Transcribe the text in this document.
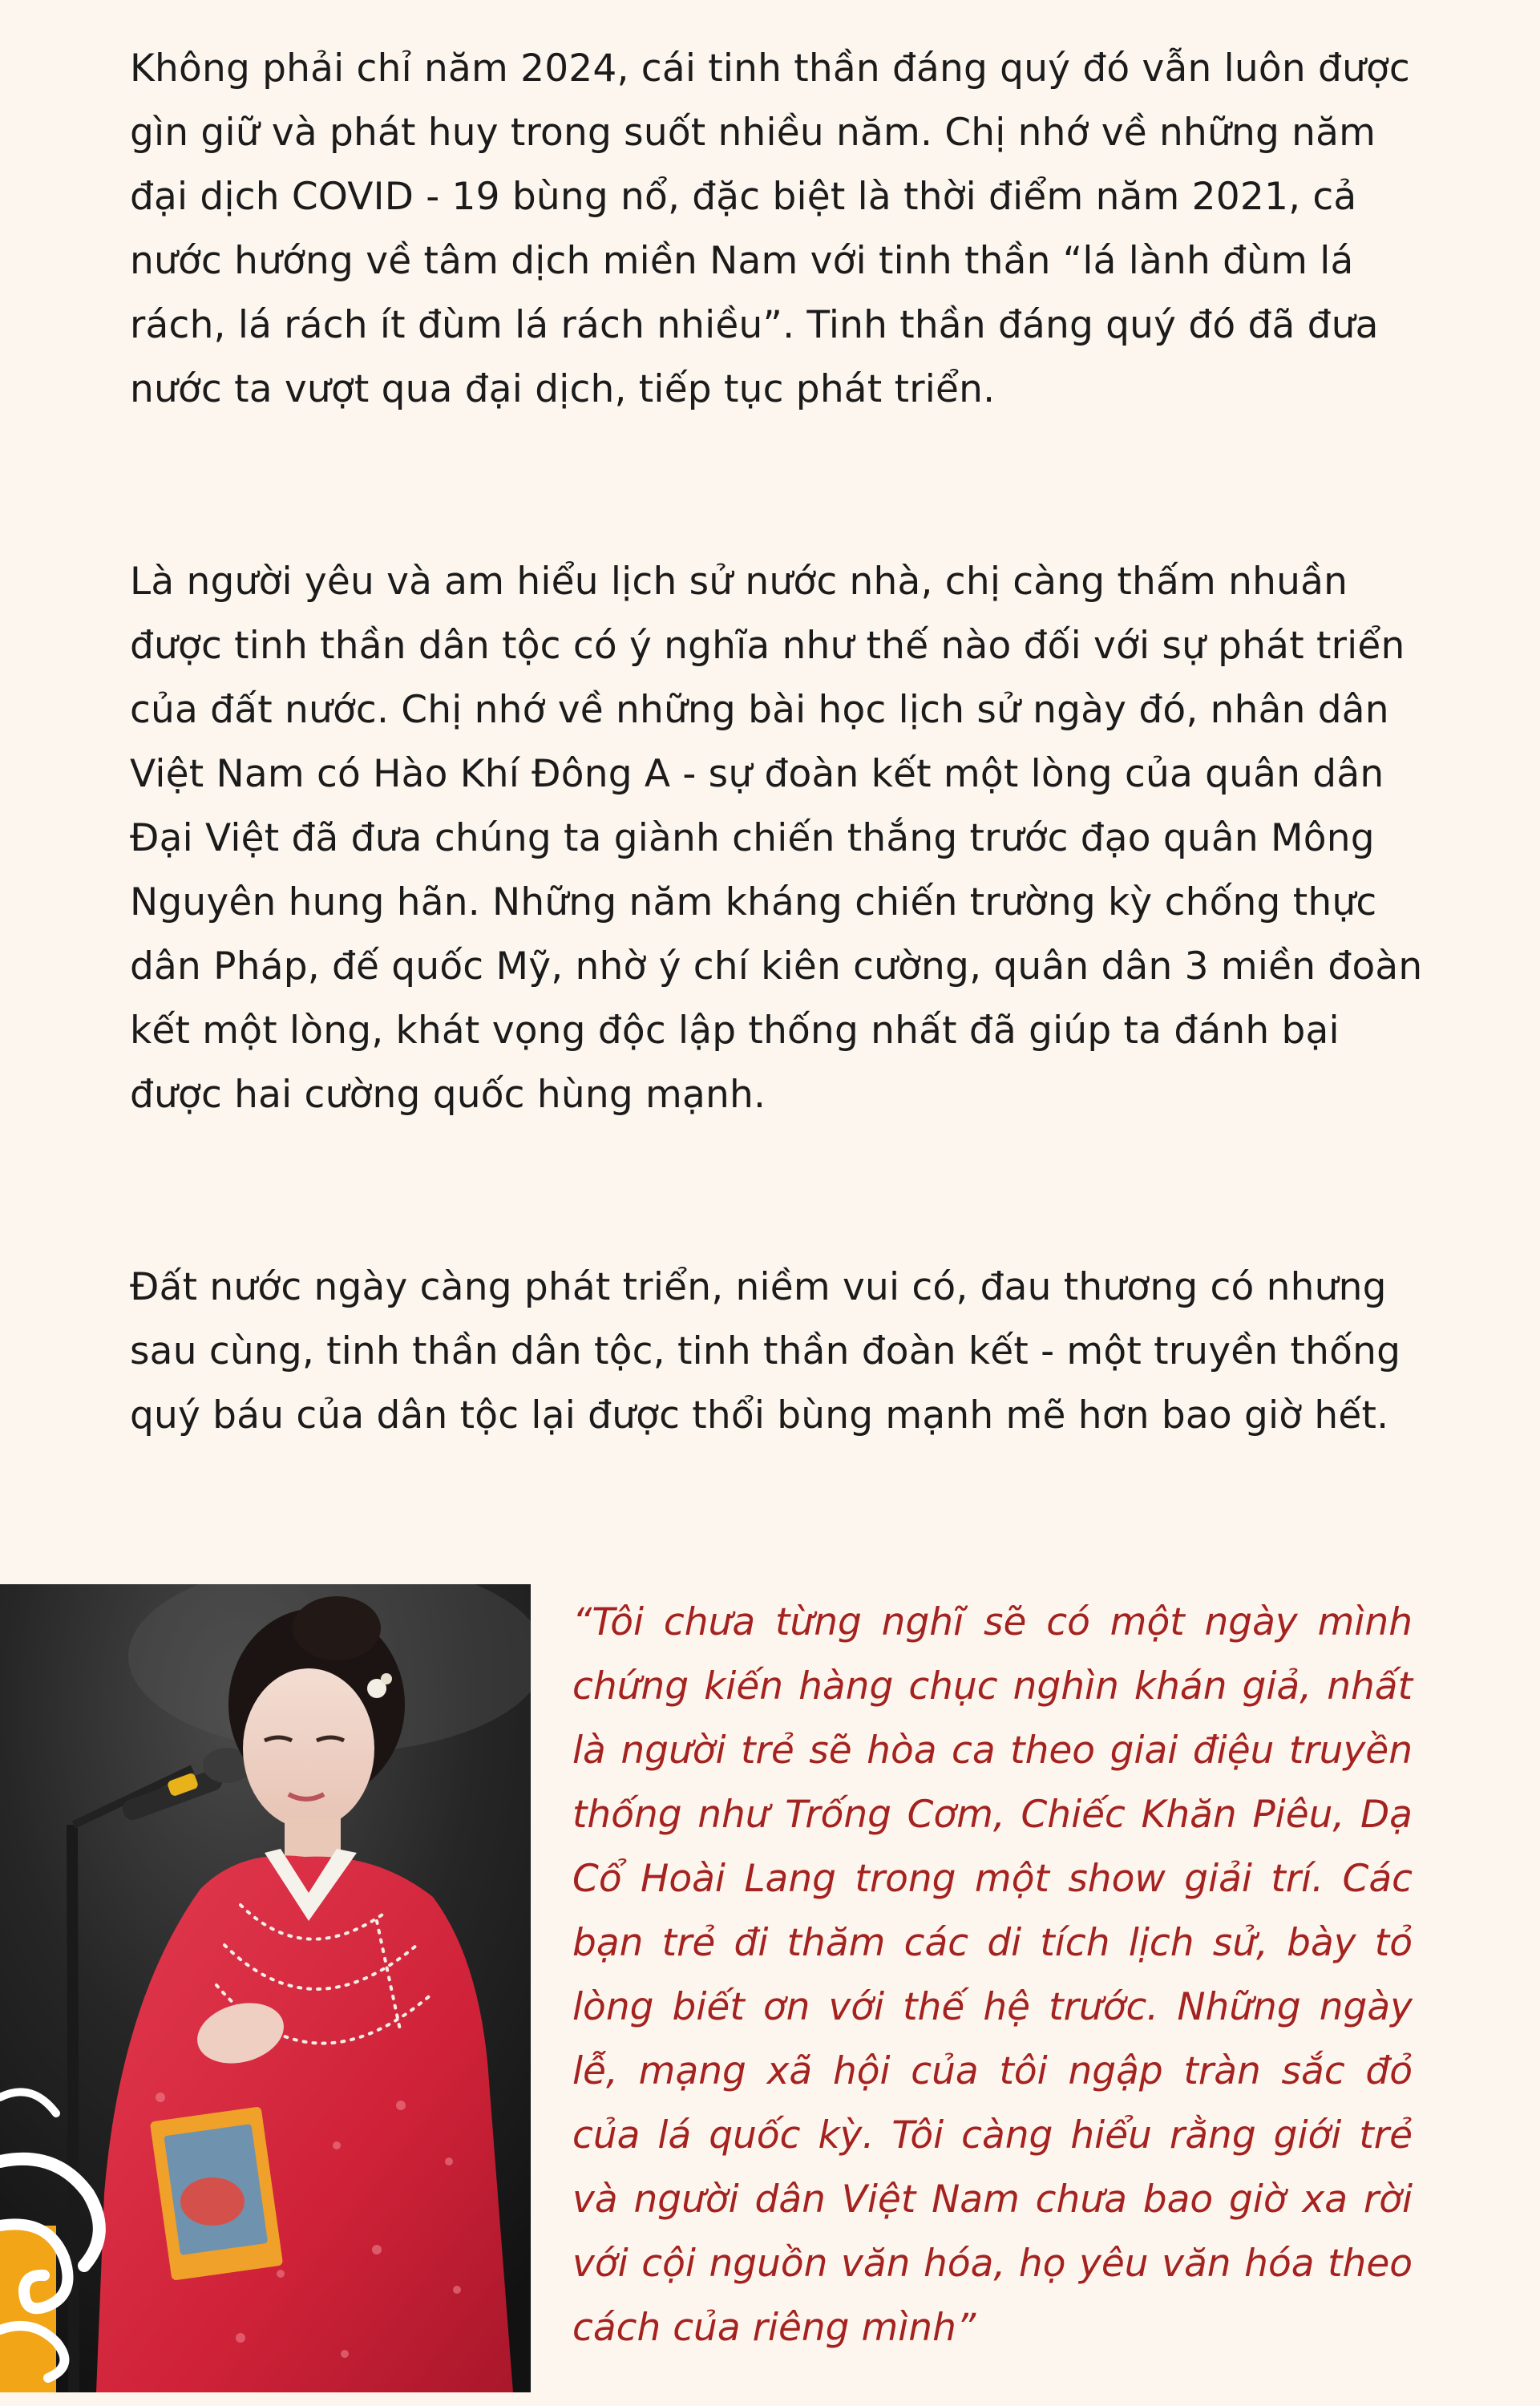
Không phải chỉ năm 2024, cái tinh thần đáng quý đó vẫn luôn được gìn giữ và phát huy trong suốt nhiều năm. Chị nhớ về những năm đại dịch COVID - 19 bùng nổ, đặc biệt là thời điểm năm 2021, cả nước hướng về tâm dịch miền Nam với tinh thần “lá lành đùm lá rách, lá rách ít đùm lá rách nhiều”. Tinh thần đáng quý đó đã đưa nước ta vượt qua đại dịch, tiếp tục phát triển.

Là người yêu và am hiểu lịch sử nước nhà, chị càng thấm nhuần được tinh thần dân tộc có ý nghĩa như thế nào đối với sự phát triển của đất nước. Chị nhớ về những bài học lịch sử ngày đó, nhân dân Việt Nam có Hào Khí Đông A - sự đoàn kết một lòng của quân dân Đại Việt đã đưa chúng ta giành chiến thắng trước đạo quân Mông Nguyên hung hãn. Những năm kháng chiến trường kỳ chống thực dân Pháp, đế quốc Mỹ, nhờ ý chí kiên cường, quân dân 3 miền đoàn kết một lòng, khát vọng độc lập thống nhất đã giúp ta đánh bại được hai cường quốc hùng mạnh.

Đất nước ngày càng phát triển, niềm vui có, đau thương có nhưng sau cùng, tinh thần dân tộc, tinh thần đoàn kết - một truyền thống quý báu của dân tộc lại được thổi bùng mạnh mẽ hơn bao giờ hết.

“Tôi chưa từng nghĩ sẽ có một ngày mình chứng kiến hàng chục nghìn khán giả, nhất là người trẻ sẽ hòa ca theo giai điệu truyền thống như Trống Cơm, Chiếc Khăn Piêu, Dạ Cổ Hoài Lang trong một show giải trí. Các bạn trẻ đi thăm các di tích lịch sử, bày tỏ lòng biết ơn với thế hệ trước. Những ngày lễ, mạng xã hội của tôi ngập tràn sắc đỏ của lá quốc kỳ. Tôi càng hiểu rằng giới trẻ và người dân Việt Nam chưa bao giờ xa rời với cội nguồn văn hóa, họ yêu văn hóa theo cách của riêng mình”
